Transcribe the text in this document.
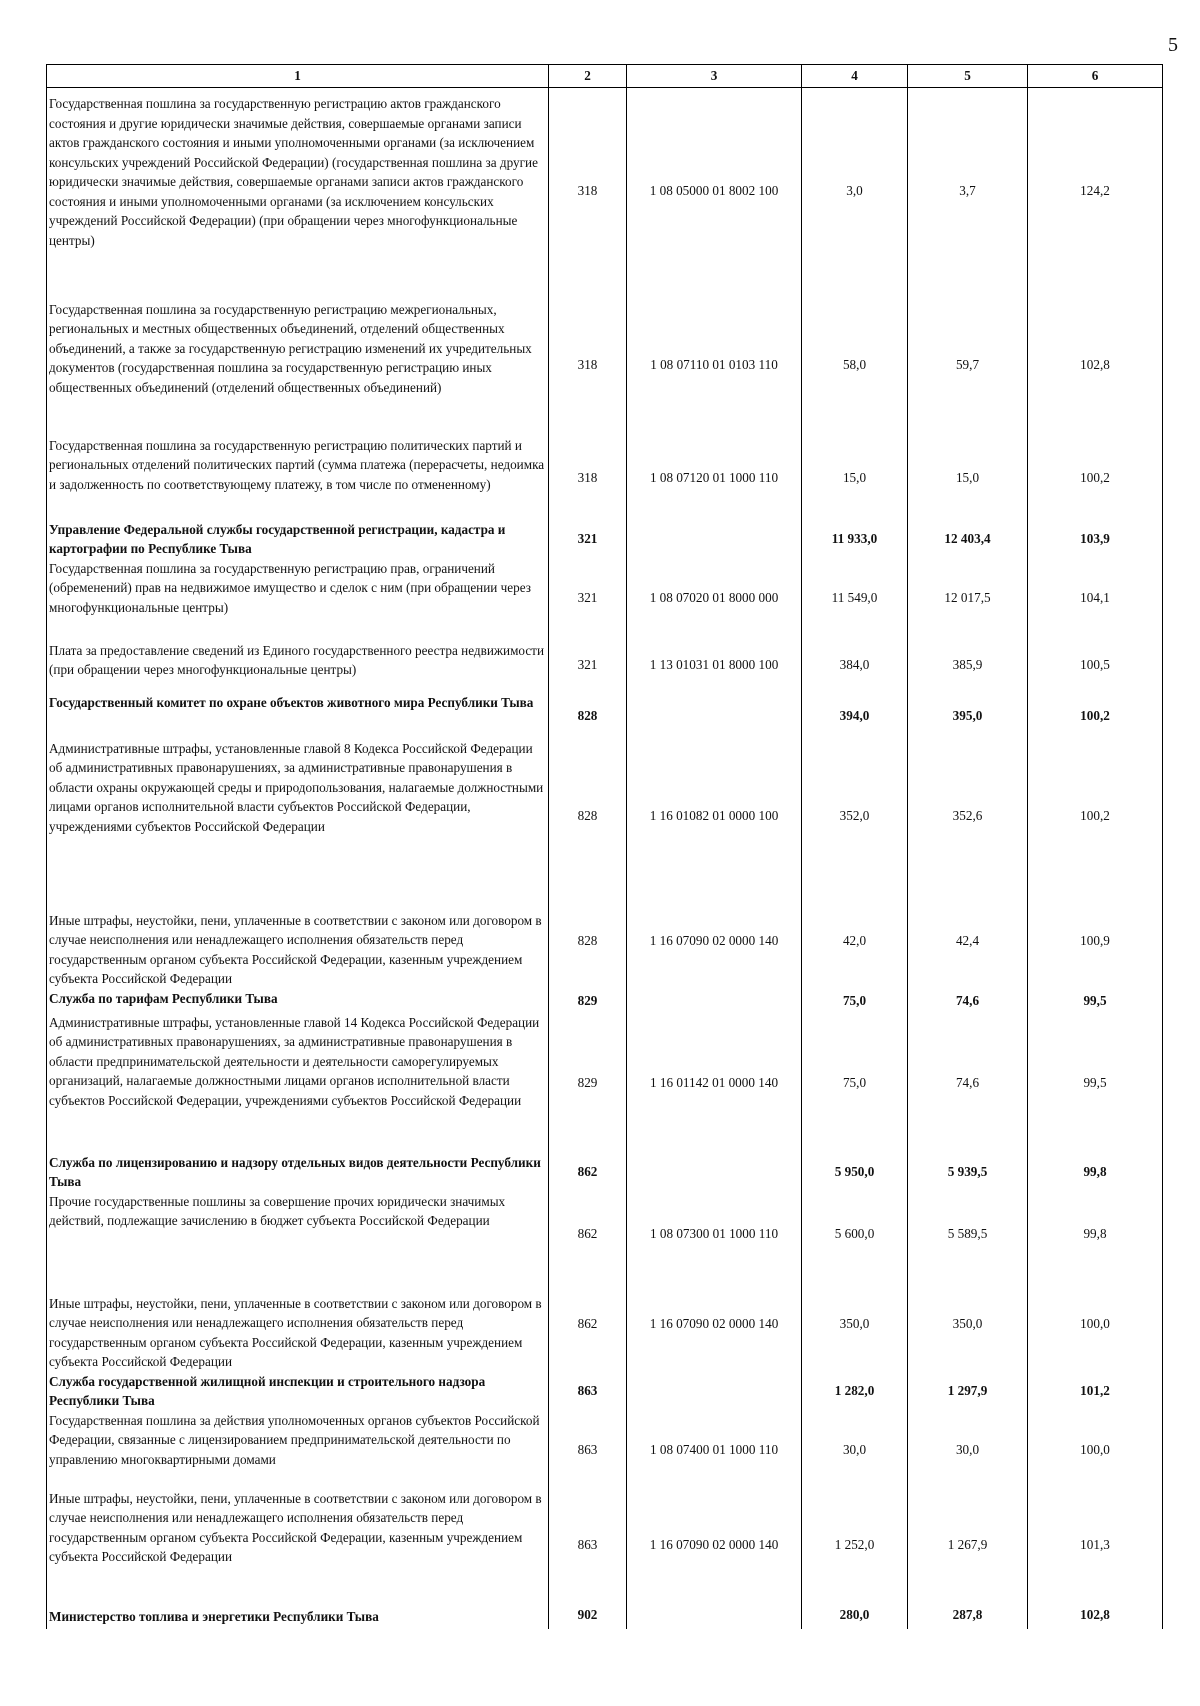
5
1	2	3	4	5	6
Государственная пошлина за государственную регистрацию актов гражданского состояния и другие юридически значимые действия, совершаемые органами записи актов гражданского состояния и иными уполномоченными органами (за исключением консульских учреждений Российской Федерации) (государственная пошлина за другие юридически значимые действия, совершаемые органами записи актов гражданского состояния и иными уполномоченными органами (за исключением консульских учреждений Российской Федерации) (при обращении через многофункциональные центры)	318	1 08 05000 01 8002 100	3,0	3,7	124,2
Государственная пошлина за государственную регистрацию межрегиональных, региональных и местных общественных объединений, отделений общественных объединений, а также за государственную регистрацию изменений их учредительных документов (государственная пошлина за государственную регистрацию иных общественных объединений (отделений общественных объединений)	318	1 08 07110 01 0103 110	58,0	59,7	102,8
Государственная пошлина за государственную регистрацию политических партий и региональных отделений политических партий (сумма платежа (перерасчеты, недоимка и задолженность по соответствующему платежу, в том числе по отмененному)	318	1 08 07120 01 1000 110	15,0	15,0	100,2
Управление Федеральной службы государственной регистрации, кадастра и картографии по Республике Тыва	321		11 933,0	12 403,4	103,9
Государственная пошлина за государственную регистрацию прав, ограничений (обременений) прав на недвижимое имущество и сделок с ним (при обращении через многофункциональные центры)	321	1 08 07020 01 8000 000	11 549,0	12 017,5	104,1
Плата за предоставление сведений из Единого государственного реестра недвижимости (при обращении через многофункциональные центры)	321	1 13 01031 01 8000 100	384,0	385,9	100,5
Государственный комитет по охране объектов животного мира Республики Тыва	828		394,0	395,0	100,2
Административные штрафы, установленные главой 8 Кодекса Российской Федерации об административных правонарушениях, за административные правонарушения в области охраны окружающей среды и природопользования, налагаемые должностными лицами органов исполнительной власти субъектов Российской Федерации, учреждениями субъектов Российской Федерации	828	1 16 01082 01 0000 100	352,0	352,6	100,2
Иные штрафы, неустойки, пени, уплаченные в соответствии с законом или договором в случае неисполнения или ненадлежащего исполнения обязательств перед государственным органом субъекта Российской Федерации, казенным учреждением субъекта Российской Федерации	828	1 16 07090 02 0000 140	42,0	42,4	100,9
Служба по тарифам Республики Тыва	829		75,0	74,6	99,5
Административные штрафы, установленные главой 14 Кодекса Российской Федерации об административных правонарушениях, за административные правонарушения в области предпринимательской деятельности и деятельности саморегулируемых организаций, налагаемые должностными лицами органов исполнительной власти субъектов Российской Федерации, учреждениями субъектов Российской Федерации	829	1 16 01142 01 0000 140	75,0	74,6	99,5
Служба по лицензированию и надзору отдельных видов деятельности Республики Тыва	862		5 950,0	5 939,5	99,8
Прочие государственные пошлины за совершение прочих юридически значимых действий, подлежащие зачислению в бюджет субъекта Российской Федерации	862	1 08 07300 01 1000 110	5 600,0	5 589,5	99,8
Иные штрафы, неустойки, пени, уплаченные в соответствии с законом или договором в случае неисполнения или ненадлежащего исполнения обязательств перед государственным органом субъекта Российской Федерации, казенным учреждением субъекта Российской Федерации	862	1 16 07090 02 0000 140	350,0	350,0	100,0
Служба государственной жилищной инспекции и строительного надзора Республики Тыва	863		1 282,0	1 297,9	101,2
Государственная пошлина за действия уполномоченных органов субъектов Российской Федерации, связанные с лицензированием предпринимательской деятельности по управлению многоквартирными домами	863	1 08 07400 01 1000 110	30,0	30,0	100,0
Иные штрафы, неустойки, пени, уплаченные в соответствии с законом или договором в случае неисполнения или ненадлежащего исполнения обязательств перед государственным органом субъекта Российской Федерации, казенным учреждением субъекта Российской Федерации	863	1 16 07090 02 0000 140	1 252,0	1 267,9	101,3
Министерство топлива и энергетики Республики Тыва	902		280,0	287,8	102,8
